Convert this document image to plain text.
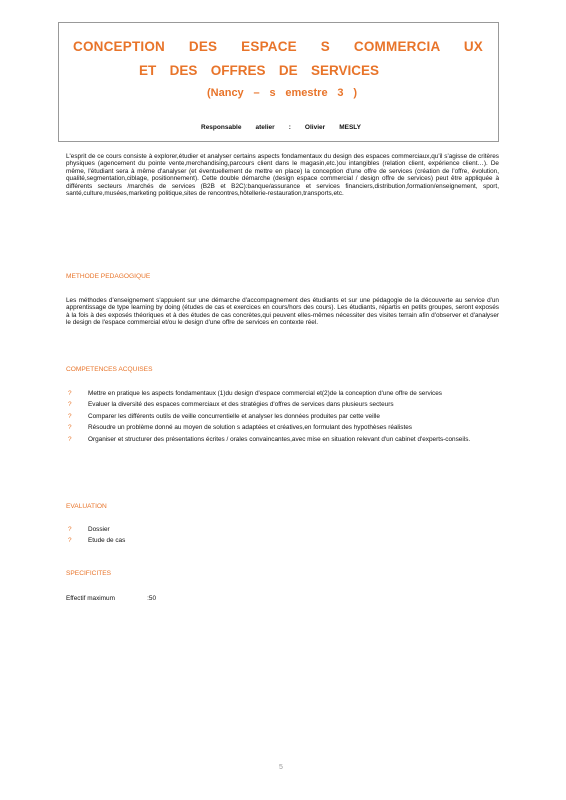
CONCEPTION DES ESPACE S COMMERCIA UX
ET DES OFFRES DE SERVICES
(Nancy – s emestre 3 )
Responsable atelier : Olivier MESLY

L'esprit de ce cours consiste à explorer,étudier et analyser certains aspects fondamentaux du design des espaces commerciaux,qu'il s'agisse de critères physiques (agencement du pointe vente,merchandising,parcours client dans le magasin,etc.)ou intangibles (relation client, expérience client…). De même, l'étudiant sera à même d'analyser (et éventuellement de mettre en place) la conception d'une offre de services (création de l'offre, évolution, qualité,segmentation,ciblage, positionnement). Cette double démarche (design espace commercial / design offre de services) peut être appliquée à différents secteurs /marchés de services (B2B et B2C):banque/assurance et services financiers,distribution,formation/enseignement, sport, santé,culture,musées,marketing politique,sites de rencontres,hôtellerie-restauration,transports,etc.

METHODE PEDAGOGIQUE

Les méthodes d'enseignement s'appuient sur une démarche d'accompagnement des étudiants et sur une pédagogie de la découverte au service d'un apprentissage de type learning by doing (études de cas et exercices en cours/hors des cours). Les étudiants, répartis en petits groupes, seront exposés à la fois à des exposés théoriques et à des études de cas concrètes,qui peuvent elles-mêmes nécessiter des visites terrain afin d'observer et d'analyser le design de l'espace commercial et/ou le design d'une offre de services en contexte réel.

COMPETENCES ACQUISES
?	Mettre en pratique les aspects fondamentaux (1)du design d'espace commercial et(2)de la conception d'une offre de services
?	Evaluer la diversité des espaces commerciaux et des stratégies d'offres de services dans plusieurs secteurs
?	Comparer les différents outils de veille concurrentielle et analyser les données produites par cette veille
?	Résoudre un problème donné au moyen de solution s adaptées et créatives,en formulant des hypothèses réalistes
?	Organiser et structurer des présentations écrites / orales convaincantes,avec mise en situation relevant d'un cabinet d'experts-conseils.
EVALUATION
?	Dossier
?	Etude de cas
SPECIFICITES
Effectif maximum	:50
5
